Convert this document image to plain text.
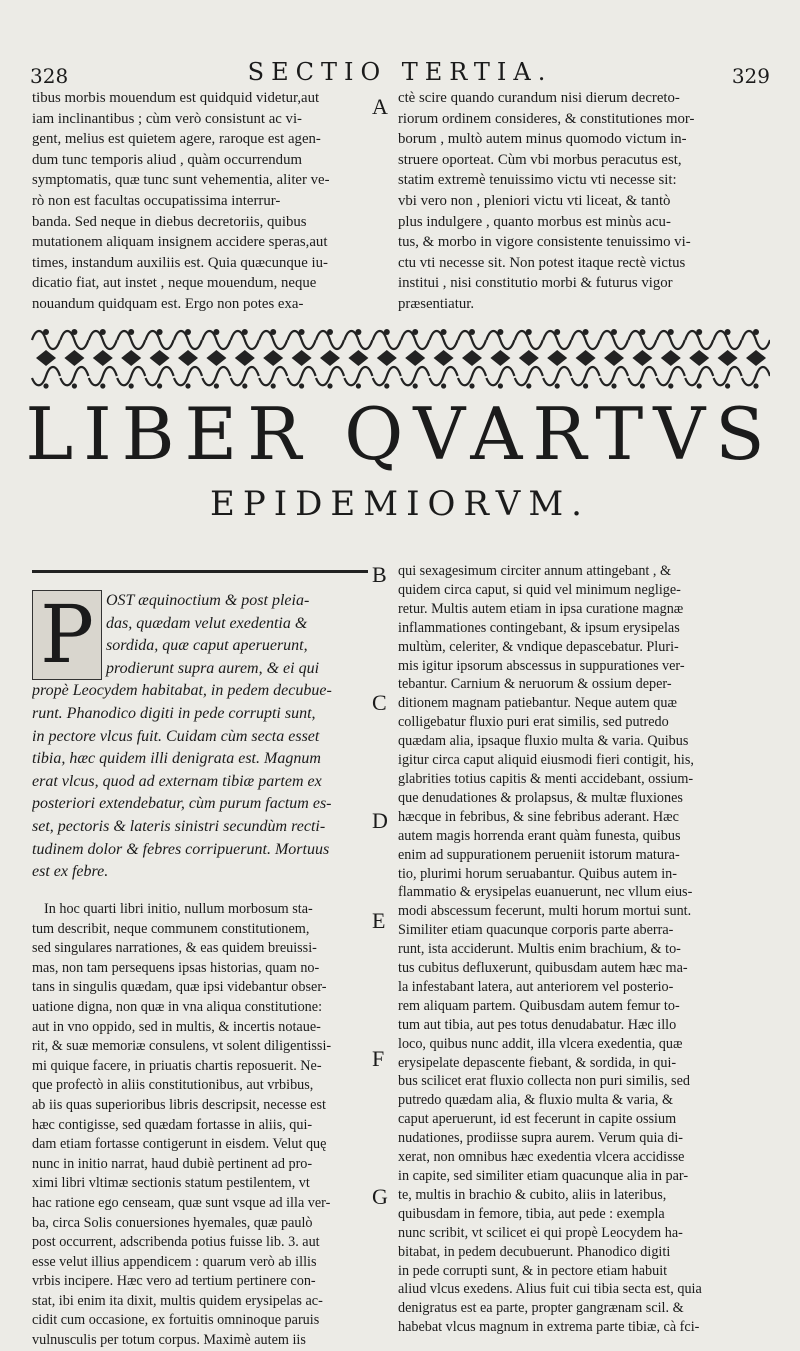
328	SECTIO TERTIA.	329

tibus morbis mouendum est quidquid videtur,aut

iam inclinantibus ; cùm verò consistunt ac vi-

gent, melius est quietem agere, raroque est agen-

dum tunc temporis aliud , quàm occurrendum

symptomatis, quæ tunc sunt vehementia, aliter ve-

rò non est facultas occupatissima interrur-

banda. Sed neque in diebus decretoriis, quibus

mutationem aliquam insignem accidere speras,aut

times, instandum auxiliis est. Quia quæcunque iu-

dicatio fiat, aut instet , neque mouendum, neque

nouandum quidquam est. Ergo non potes exa-

A ctè scire quando curandum nisi dierum decreto-

riorum ordinem consideres, & constitutiones mor-

borum , multò autem minus quomodo victum in-

struere oporteat. Cùm vbi morbus peracutus est,

statim extremè tenuissimo victu vti necesse sit:

vbi vero non , pleniori victu vti liceat, & tantò

plus indulgere , quanto morbus est minùs acu-

tus, & morbo in vigore consistente tenuissimo vi-

ctu vti necesse sit. Non potest itaque rectè victus

institui , nisi constitutio morbi & futurus vigor

præsentiatur.

LIBER QVARTVS
EPIDEMIORVM.
B
P OST æquinoctium & post pleia-
das, quædam velut exedentia &
sordida, quæ caput aperuerunt,
prodierunt supra aurem, & ei qui
propè Leocydem habitabat, in pedem decubue-
runt. Phanodico digiti in pede corrupti sunt,
in pectore vlcus fuit. Cuidam cùm secta esset
tibia, hæc quidem illi denigrata est. Magnum
erat vlcus, quod ad externam tibiæ partem ex
posteriori extendebatur, cùm purum factum es-
set, pectoris & lateris sinistri secundùm recti-
tudinem dolor & febres corripuerunt. Mortuus
est ex febre.
C
D

In hoc quarti libri initio, nullum morbosum sta-

tum describit, neque communem constitutionem,

sed singulares narrationes, & eas quidem breuissi-

mas, non tam persequens ipsas historias, quam no-

tans in singulis quædam, quæ ipsi videbantur obser-

uatione digna, non quæ in vna aliqua constitutione:

aut in vno oppido, sed in multis, & incertis notaue-

rit, & suæ memoriæ consulens, vt solent diligentissi-

mi quique facere, in priuatis chartis reposuerit. Ne-

que profectò in aliis constitutionibus, aut vrbibus,

ab iis quas superioribus libris descripsit, necesse est

hæc contigisse, sed quædam fortasse in aliis, qui-

dam etiam fortasse contigerunt in eisdem. Velut quę

nunc in initio narrat, haud dubiè pertinent ad pro-

ximi libri vltimæ sectionis statum pestilentem, vt

hac ratione ego censeam, quæ sunt vsque ad illa ver-

ba, circa Solis conuersiones hyemales, quæ paulò

post occurrent, adscribenda potius fuisse lib. 3. aut

esse velut illius appendicem : quarum verò ab illis

vrbis incipere. Hæc vero ad tertium pertinere con-

stat, ibi enim ita dixit, multis quidem erysipelas ac-

cidit cum occasione, ex fortuitis omninoque paruis

vulnusculis per totum corpus. Maximè autem iis

E
F
G

qui sexagesimum circiter annum attingebant , &

quidem circa caput, si quid vel minimum neglige-

retur. Multis autem etiam in ipsa curatione magnæ

inflammationes contingebant, & ipsum erysipelas

multùm, celeriter, & vndique depascebatur. Pluri-

mis igitur ipsorum abscessus in suppurationes ver-

tebantur. Carnium & neruorum & ossium deper-

ditionem magnam patiebantur. Neque autem quæ

colligebatur fluxio puri erat similis, sed putredo

quædam alia, ipsaque fluxio multa & varia. Quibus

igitur circa caput aliquid eiusmodi fieri contigit, his,

glabrities totius capitis & menti accidebant, ossium-

que denudationes & prolapsus, & multæ fluxiones

hæcque in febribus, & sine febribus aderant. Hæc

autem magis horrenda erant quàm funesta, quibus

enim ad suppurationem perueniit istorum matura-

tio, plurimi horum seruabantur. Quibus autem in-

flammatio & erysipelas euanuerunt, nec vllum eius-

modi abscessum fecerunt, multi horum mortui sunt.

Similiter etiam quacunque corporis parte aberra-

runt, ista acciderunt. Multis enim brachium, & to-

tus cubitus defluxerunt, quibusdam autem hæc ma-

la infestabant latera, aut anteriorem vel posterio-

rem aliquam partem. Quibusdam autem femur to-

tum aut tibia, aut pes totus denudabatur. Hæc illo

loco, quibus nunc addit, illa vlcera exedentia, quæ

erysipelate depascente fiebant, & sordida, in qui-

bus scilicet erat fluxio collecta non puri similis, sed

putredo quædam alia, & fluxio multa & varia, &

caput aperuerunt, id est fecerunt in capite ossium

nudationes, prodiisse supra aurem. Verum quia di-

xerat, non omnibus hæc exedentia vlcera accidisse

in capite, sed similiter etiam quacunque alia in par-

te, multis in brachio & cubito, aliis in lateribus,

quibusdam in femore, tibia, aut pede : exempla

nunc scribit, vt scilicet ei qui propè Leocydem ha-

bitabat, in pedem decubuerunt. Phanodico digiti

in pede corrupti sunt, & in pectore etiam habuit

aliud vlcus exedens. Alius fuit cui tibia secta est, quia

denigratus est ea parte, propter gangrænam scil. &

habebat vlcus magnum in extrema parte tibiæ, cà fci-
